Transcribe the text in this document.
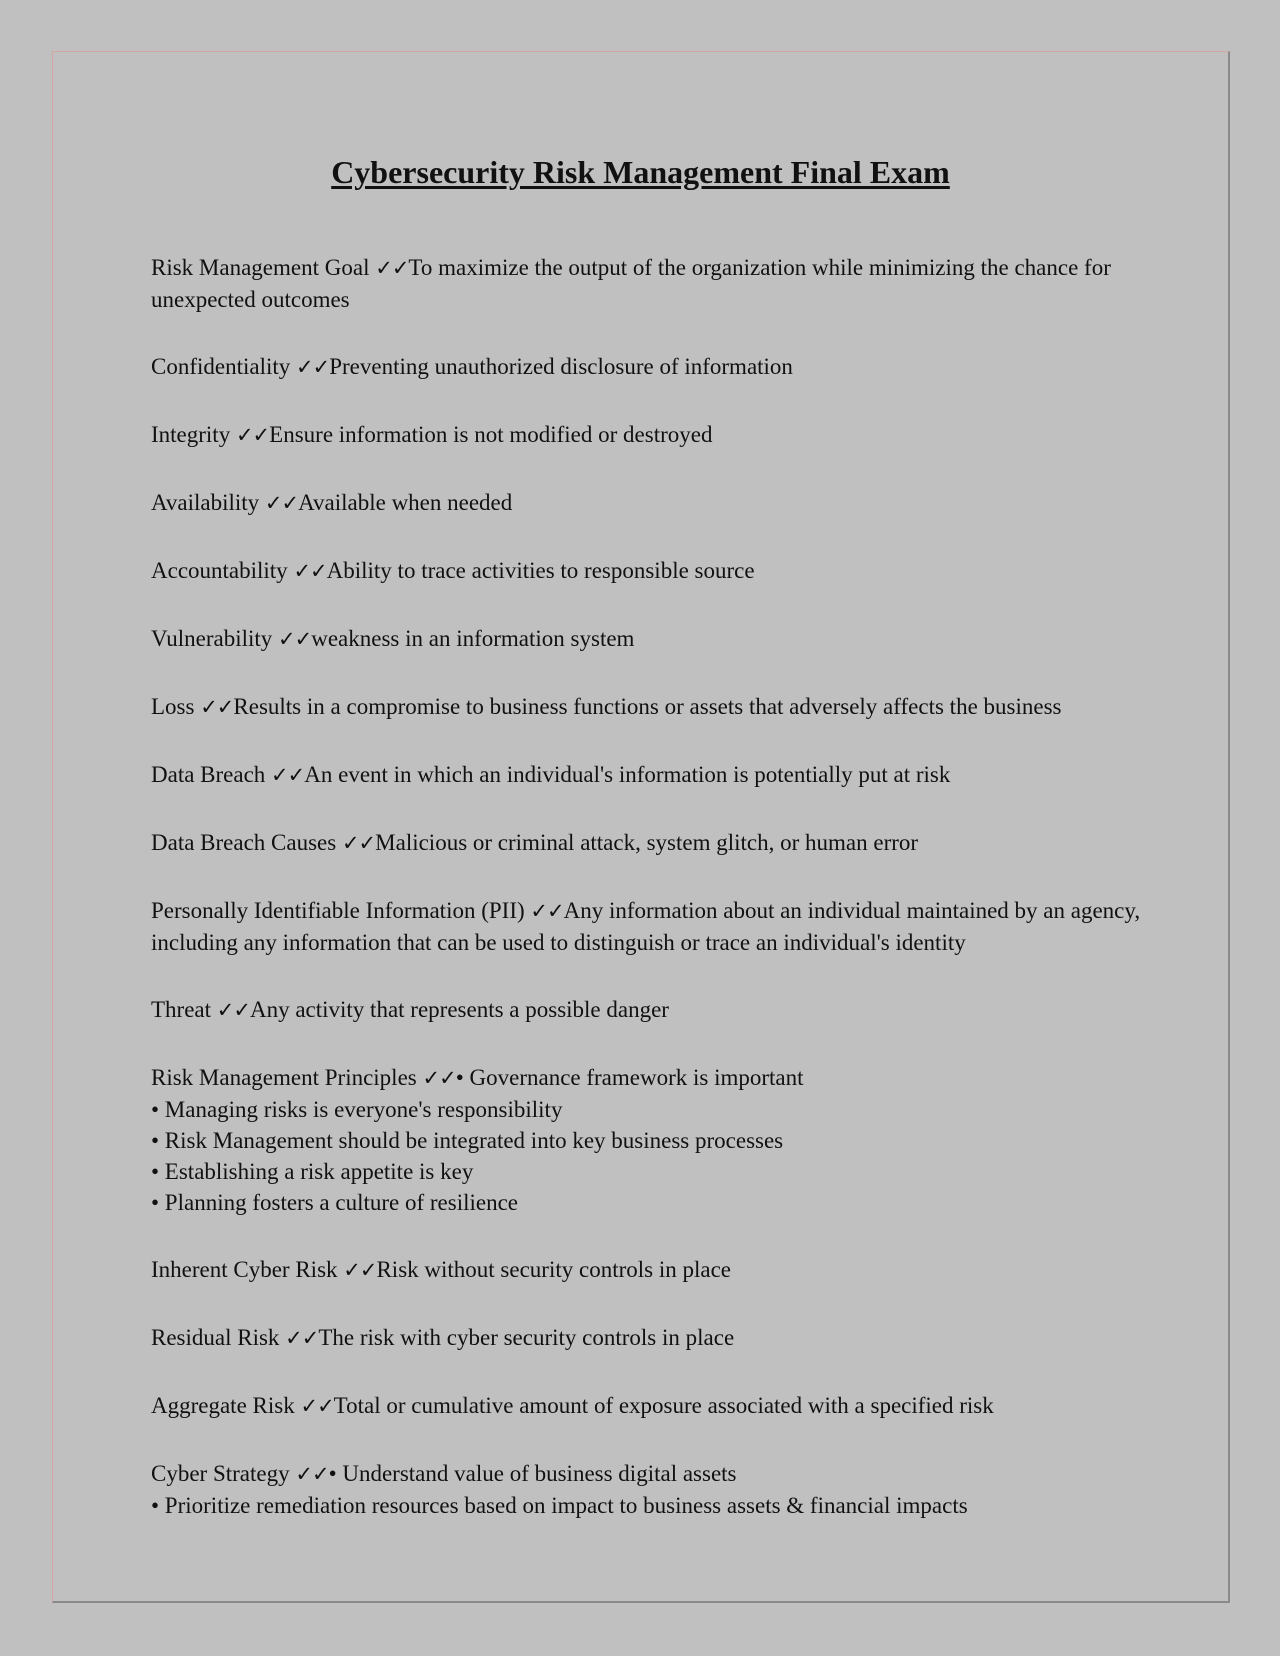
Cybersecurity Risk Management Final Exam

Risk Management Goal ✓✓To maximize the output of the organization while minimizing the chance for unexpected outcomes

Confidentiality ✓✓Preventing unauthorized disclosure of information

Integrity ✓✓Ensure information is not modified or destroyed

Availability ✓✓Available when needed

Accountability ✓✓Ability to trace activities to responsible source

Vulnerability ✓✓weakness in an information system

Loss ✓✓Results in a compromise to business functions or assets that adversely affects the business

Data Breach ✓✓An event in which an individual's information is potentially put at risk

Data Breach Causes ✓✓Malicious or criminal attack, system glitch, or human error

Personally Identifiable Information (PII) ✓✓Any information about an individual maintained by an agency, including any information that can be used to distinguish or trace an individual's identity

Threat ✓✓Any activity that represents a possible danger

Risk Management Principles ✓✓• Governance framework is important
• Managing risks is everyone's responsibility
• Risk Management should be integrated into key business processes
• Establishing a risk appetite is key
• Planning fosters a culture of resilience

Inherent Cyber Risk ✓✓Risk without security controls in place

Residual Risk ✓✓The risk with cyber security controls in place

Aggregate Risk ✓✓Total or cumulative amount of exposure associated with a specified risk

Cyber Strategy ✓✓• Understand value of business digital assets
• Prioritize remediation resources based on impact to business assets & financial impacts
